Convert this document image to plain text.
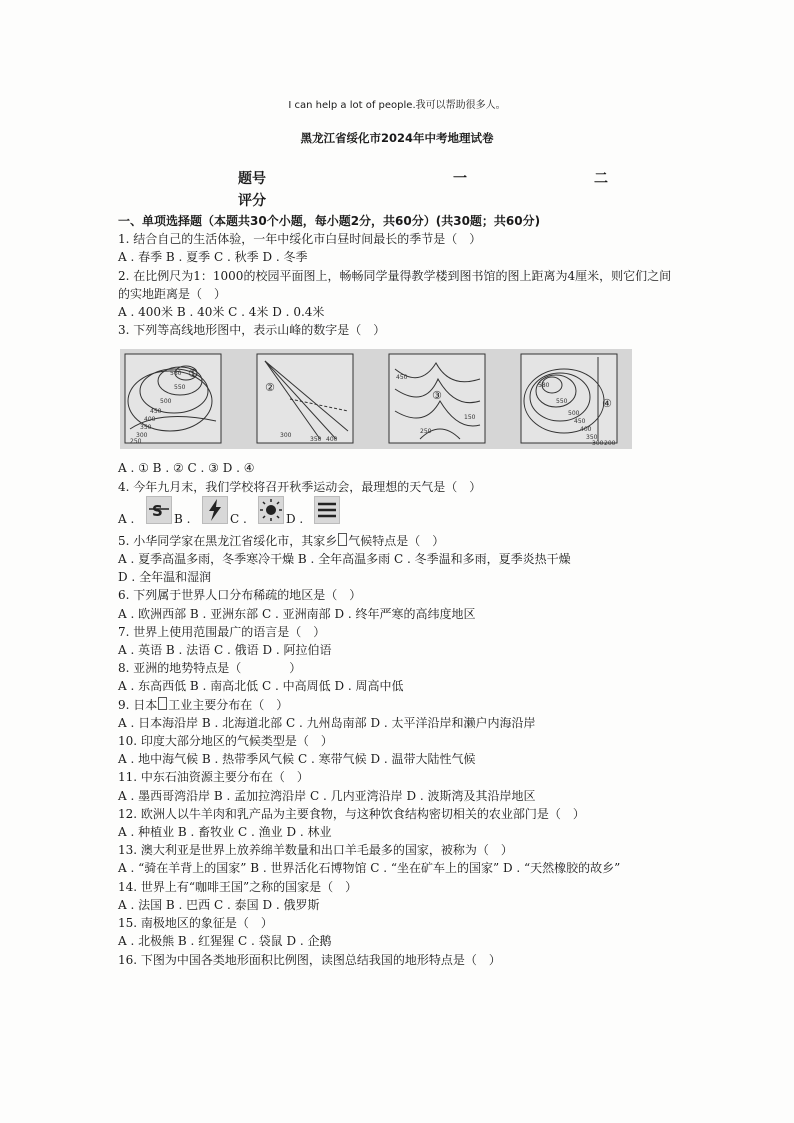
I can help a lot of people.我可以帮助很多人。
黑龙江省绥化市2024年中考地理试卷
题号	一	二
评分

一、单项选择题（本题共30个小题，每小题2分，共60分）(共30题；共60分)

1. 结合自己的生活体验，一年中绥化市白昼时间最长的季节是（　）

A . 春季 B . 夏季 C . 秋季 D . 冬季

2. 在比例尺为1：1000的校园平面图上，畅畅同学量得教学楼到图书馆的图上距离为4厘米，则它们之间的实地距离是（　）

A . 400米 B . 40米 C . 4米 D . 0.4米

3. 下列等高线地形图中，表示山峰的数字是（　）

560
550
500
450
400
350
300
250
300
350 400
450
580
550
500
450
400
350
300 200
150
250
①
②
③
④

A . ① B . ② C . ③ D . ④

4. 今年九月末，我们学校将召开秋季运动会，最理想的天气是（　）

A . S B .	C .	D .

5. 小华同学家在黑龙江省绥化市，其家乡 气候特点是（　）

A . 夏季高温多雨，冬季寒冷干燥 B . 全年高温多雨 C . 冬季温和多雨，夏季炎热干燥

D . 全年温和湿润

6. 下列属于世界人口分布稀疏的地区是（　）

A . 欧洲西部 B . 亚洲东部 C . 亚洲南部 D . 终年严寒的高纬度地区

7. 世界上使用范围最广的语言是（　）

A . 英语 B . 法语 C . 俄语 D . 阿拉伯语

8. 亚洲的地势特点是（　　　　）

A . 东高西低 B . 南高北低 C . 中高周低 D . 周高中低

9. 日本 工业主要分布在（　）

A . 日本海沿岸 B . 北海道北部 C . 九州岛南部 D . 太平洋沿岸和濑户内海沿岸

10. 印度大部分地区的气候类型是（　）

A . 地中海气候 B . 热带季风气候 C . 寒带气候 D . 温带大陆性气候

11. 中东石油资源主要分布在（　）

A . 墨西哥湾沿岸 B . 孟加拉湾沿岸 C . 几内亚湾沿岸 D . 波斯湾及其沿岸地区

12. 欧洲人以牛羊肉和乳产品为主要食物，与这种饮食结构密切相关的农业部门是（　）

A . 种植业 B . 畜牧业 C . 渔业 D . 林业

13. 澳大利亚是世界上放养绵羊数量和出口羊毛最多的国家，被称为（　）

A . “骑在羊背上的国家” B . 世界活化石博物馆 C . “坐在矿车上的国家” D . “天然橡胶的故乡”

14. 世界上有“咖啡王国”之称的国家是（　）

A . 法国 B . 巴西 C . 泰国 D . 俄罗斯

15. 南极地区的象征是（　）

A . 北极熊 B . 红猩猩 C . 袋鼠 D . 企鹅

16. 下图为中国各类地形面积比例图，读图总结我国的地形特点是（　）
